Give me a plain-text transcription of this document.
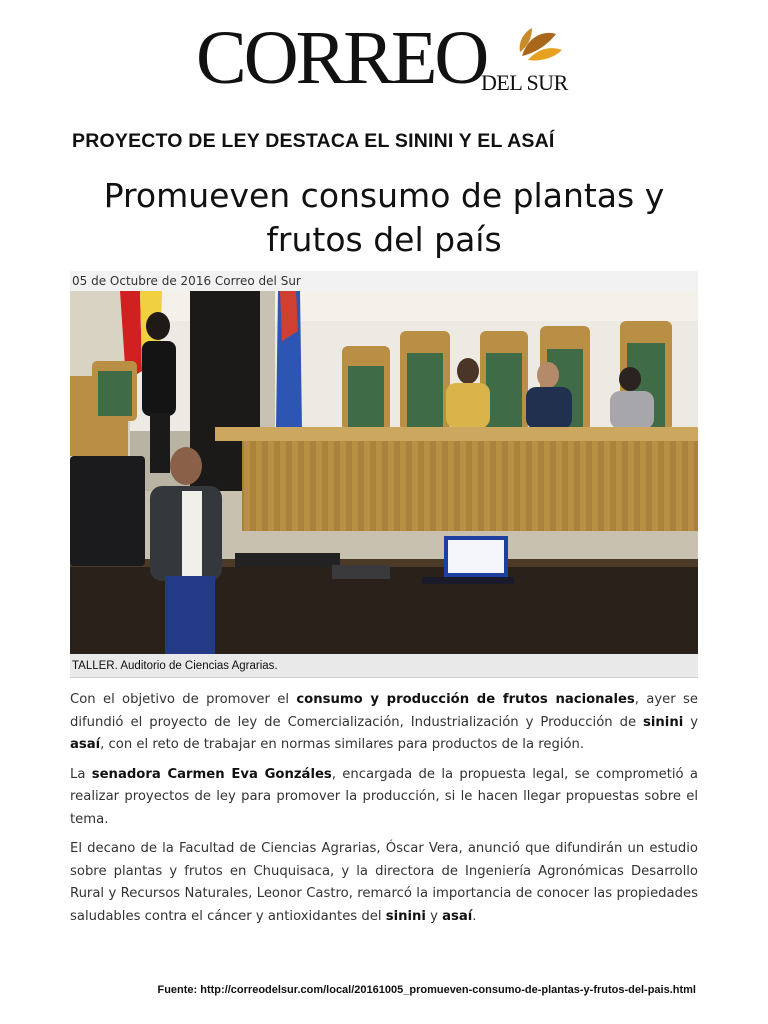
CORREO
DEL SUR
PROYECTO DE LEY DESTACA EL SININI Y EL ASAÍ
Promueven consumo de plantas y
frutos del país
05 de Octubre de 2016 Correo del Sur
TALLER. Auditorio de Ciencias Agrarias.

Con el objetivo de promover el consumo y producción de frutos nacionales, ayer se difundió el proyecto de ley de Comercialización, Industrialización y Producción de sinini y asaí, con el reto de trabajar en normas similares para productos de la región.

La senadora Carmen Eva Gonzáles, encargada de la propuesta legal, se comprometió a realizar proyectos de ley para promover la producción, si le hacen llegar propuestas sobre el tema.

El decano de la Facultad de Ciencias Agrarias, Óscar Vera, anunció que difundirán un estudio sobre plantas y frutos en Chuquisaca, y la directora de Ingeniería Agronómicas Desarrollo Rural y Recursos Naturales, Leonor Castro, remarcó la importancia de conocer las propiedades saludables contra el cáncer y antioxidantes del sinini y asaí.

Fuente: http://correodelsur.com/local/20161005_promueven-consumo-de-plantas-y-frutos-del-pais.html
